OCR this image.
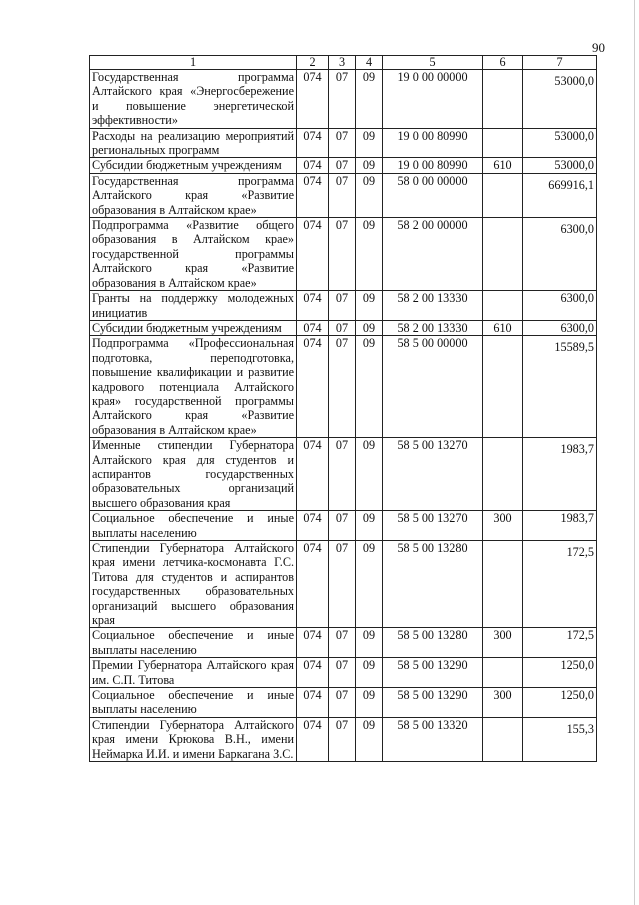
90
1	2	3	4	5	6	7
Государственная программа Алтайского края «Энергосбережение и повышение энергетической эффективности»	074	07	09	19 0 00 00000		53000,0
Расходы на реализацию мероприятий региональных программ	074	07	09	19 0 00 80990		53000,0
Субсидии бюджетным учреждениям	074	07	09	19 0 00 80990	610	53000,0
Государственная программа Алтайского края «Развитие образования в Алтайском крае»	074	07	09	58 0 00 00000		669916,1
Подпрограмма «Развитие общего образования в Алтайском крае» государственной программы Алтайского края «Развитие образования в Алтайском крае»	074	07	09	58 2 00 00000		6300,0
Гранты на поддержку молодежных инициатив	074	07	09	58 2 00 13330		6300,0
Субсидии бюджетным учреждениям	074	07	09	58 2 00 13330	610	6300,0
Подпрограмма «Профессиональная подготовка, переподготовка, повышение квалификации и развитие кадрового потенциала Алтайского края» государственной программы Алтайского края «Развитие образования в Алтайском крае»	074	07	09	58 5 00 00000		15589,5
Именные стипендии Губернатора Алтайского края для студентов и аспирантов государственных образовательных организаций высшего образования края	074	07	09	58 5 00 13270		1983,7
Социальное обеспечение и иные выплаты населению	074	07	09	58 5 00 13270	300	1983,7
Стипендии Губернатора Алтайского края имени летчика-космонавта Г.С. Титова для студентов и аспирантов государственных образовательных организаций высшего образования края	074	07	09	58 5 00 13280		172,5
Социальное обеспечение и иные выплаты населению	074	07	09	58 5 00 13280	300	172,5
Премии Губернатора Алтайского края им. С.П. Титова	074	07	09	58 5 00 13290		1250,0
Социальное обеспечение и иные выплаты населению	074	07	09	58 5 00 13290	300	1250,0
Стипендии Губернатора Алтайского края имени Крюкова В.Н., имени Неймарка И.И. и имени Баркагана З.С.	074	07	09	58 5 00 13320		155,3
